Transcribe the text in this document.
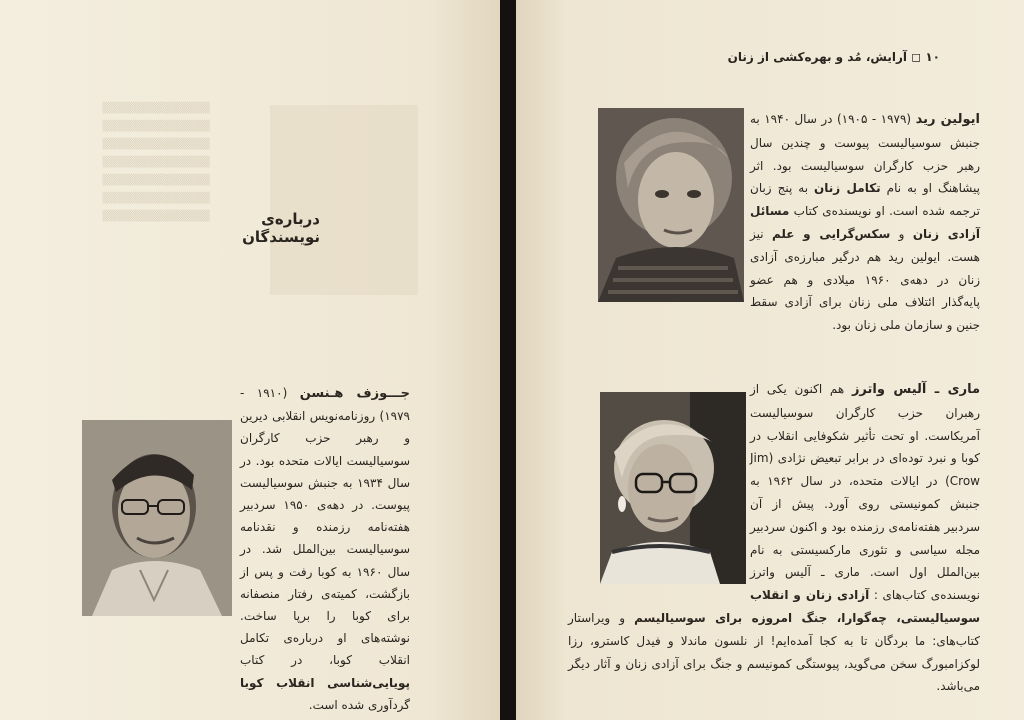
▒▒▒▒▒▒▒▒▒▒▒▒▒▒
▒▒▒▒▒▒▒▒▒▒▒▒▒▒
▒▒▒▒▒▒▒▒▒▒▒▒▒▒
▒▒▒▒▒▒▒▒▒▒▒▒▒▒
▒▒▒▒▒▒▒▒▒▒▒▒▒▒
▒▒▒▒▒▒▒▒▒▒▒▒▒▒
▒▒▒▒▒▒▒▒▒▒▒▒▒▒	درباره‌ی نویسندگان
جـــوزف هـنسن (۱۹۱۰ - ۱۹۷۹) روزنامه‌نویس انقلابی دیرین و رهبر حزب کارگران سوسیالیست ایالات متحده بود. در سال ۱۹۳۴ به جنبش سوسیالیست پیوست. در دهه‌ی ۱۹۵۰ سردبیر هفته‌نامه رزمنده و نقدنامه سوسیالیست بین‌الملل شد. در سال ۱۹۶۰ به کوبا رفت و پس از بازگشت، کمیته‌ی رفتار منصفانه برای کوبا را برپا ساخت. نوشته‌های او درباره‌ی تکامل انقلاب کوبا، در کتاب پویایی‌شناسی انقلاب کوبا گردآوری شده است.
۱۰ ◻ آرایش، مُد و بهره‌کشی از زنان
ایولین رید (۱۹۷۹ - ۱۹۰۵) در سال ۱۹۴۰ به جنبش سوسیالیست پیوست و چندین سال رهبر حزب کارگران سوسیالیست بود. اثر پیشاهنگ او به نام تکامل زنان به پنج زبان ترجمه شده است. او نویسنده‌ی کتاب مسائل آزادی زنان و سکس‌گرایی و علم نیز هست. ایولین رید هم درگیر مبارزه‌ی آزادی زنان در دهه‌ی ۱۹۶۰ میلادی و هم عضو پایه‌گذار ائتلاف ملی زنان برای آزادی سقط جنین و سازمان ملی زنان بود.
ماری ـ آلیس واترز هم اکنون یکی از رهبران حزب کارگران سوسیالیست آمریکاست. او تحت تأثیر شکوفایی انقلاب در کوبا و نبرد توده‌ای در برابر تبعیض نژادی (Jim Crow) در ایالات متحده، در سال ۱۹۶۲ به جنبش کمونیستی روی آورد. پیش از آن سردبیر هفته‌نامه‌ی رزمنده بود و اکنون سردبیر مجله سیاسی و تئوری مارکسیستی به نام بین‌الملل اول است. ماری ـ آلیس واترز نویسنده‌ی کتاب‌های : آزادی زنان و انقلاب سوسیالیستی، چه‌گوارا، جنگ امروزه برای سوسیالیسم و ویراستار کتاب‌های: ما بردگان تا به کجا آمده‌ایم! از نلسون ماندلا و فیدل کاسترو، رزا لوکزامبورگ سخن می‌گوید، پیوستگی کمونیسم و جنگ برای آزادی زنان و آثار دیگر می‌باشد.
